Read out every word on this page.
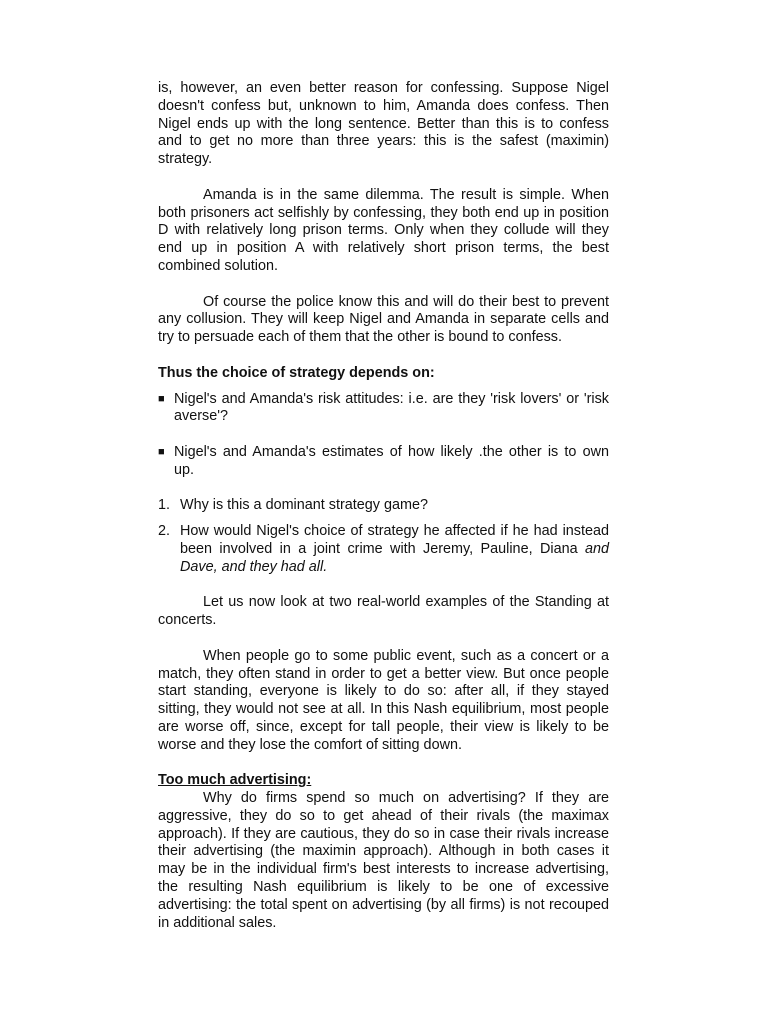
is, however, an even better reason for confessing. Suppose Nigel doesn't confess but, unknown to him, Amanda does confess. Then Nigel ends up with the long sentence. Better than this is to confess and to get no more than three years: this is the safest (maximin) strategy.

Amanda is in the same dilemma. The result is simple. When both prisoners act selfishly by confessing, they both end up in position D with relatively long prison terms. Only when they collude will they end up in position A with relatively short prison terms, the best combined solution.

Of course the police know this and will do their best to prevent any collusion. They will keep Nigel and Amanda in separate cells and try to persuade each of them that the other is bound to confess.

Thus the choice of strategy depends on:

■ Nigel's and Amanda's risk attitudes: i.e. are they 'risk lovers' or 'risk averse'?
■ Nigel's and Amanda's estimates of how likely .the other is to own up.
1. Why is this a dominant strategy game?
2. How would Nigel's choice of strategy he affected if he had instead been involved in a joint crime with Jeremy, Pauline, Diana and Dave, and they had all.

Let us now look at two real-world examples of the Standing at concerts.

When people go to some public event, such as a concert or a match, they often stand in order to get a better view. But once people start standing, everyone is likely to do so: after all, if they stayed sitting, they would not see at all. In this Nash equilibrium, most people are worse off, since, except for tall people, their view is likely to be worse and they lose the comfort of sitting down.

Too much advertising:

Why do firms spend so much on advertising? If they are aggressive, they do so to get ahead of their rivals (the maximax approach). If they are cautious, they do so in case their rivals increase their advertising (the maximin approach). Although in both cases it may be in the individual firm's best interests to increase advertising, the resulting Nash equilibrium is likely to be one of excessive advertising: the total spent on advertising (by all firms) is not recouped in additional sales.
